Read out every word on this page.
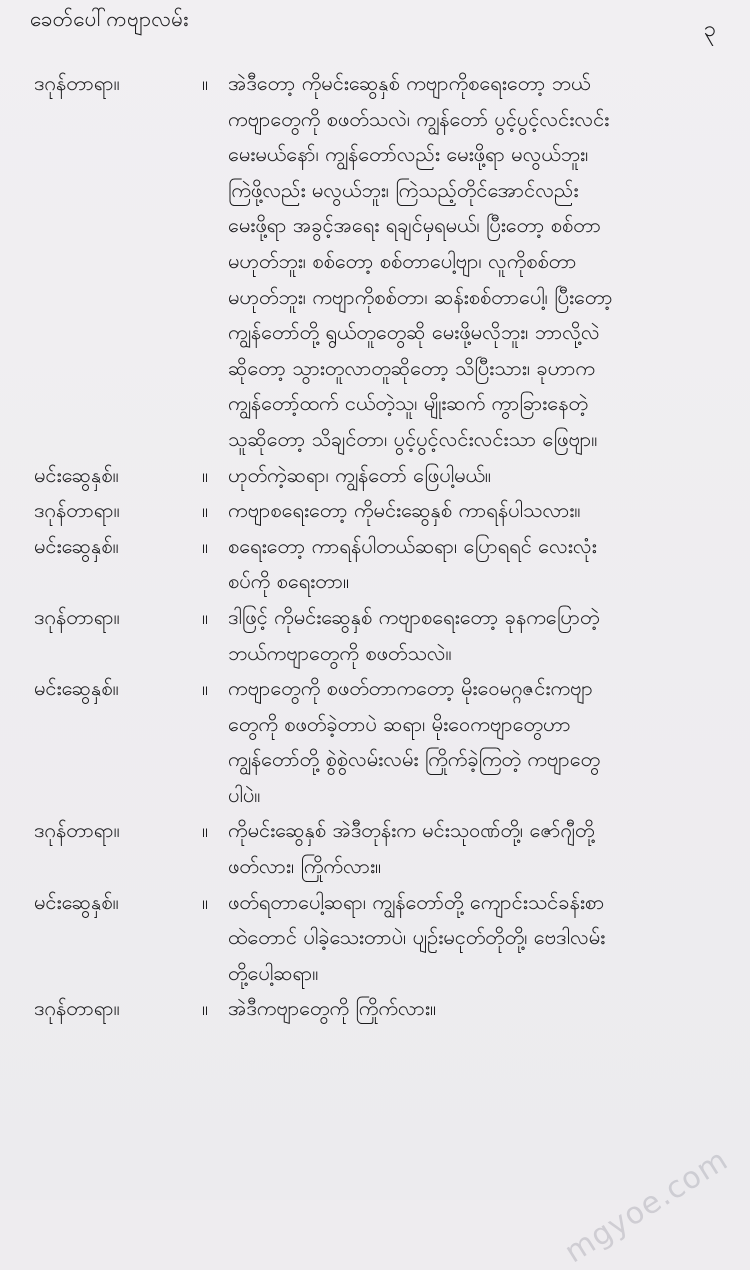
ခေတ်ပေါ်ကဗျာလမ်း	၃
ဒဂုန်တာရာ။	။ အဲဒီတော့ ကိုမင်းဆွေနှစ် ကဗျာကိုစရေးတော့ ဘယ်
ကဗျာတွေကို စဖတ်သလဲ၊ ကျွန်တော် ပွင့်ပွင့်လင်းလင်း
မေးမယ်နော်၊ ကျွန်တော်လည်း မေးဖို့ရာ မလွယ်ဘူး၊
ကြဲဖို့လည်း မလွယ်ဘူး၊ ကြဲသည့်တိုင်အောင်လည်း
မေးဖို့ရာ အခွင့်အရေး ရချင်မှရမယ်၊ ပြီးတော့ စစ်တာ
မဟုတ်ဘူး၊ စစ်တော့ စစ်တာပေါ့ဗျာ၊ လူကိုစစ်တာ
မဟုတ်ဘူး၊ ကဗျာကိုစစ်တာ၊ ဆန်းစစ်တာပေါ့၊ ပြီးတော့
ကျွန်တော်တို့ ရွယ်တူတွေဆို မေးဖို့မလိုဘူး၊ ဘာလို့လဲ
ဆိုတော့ သွားတူလာတူဆိုတော့ သိပြီးသား၊ ခုဟာက
ကျွန်တော့်ထက် ငယ်တဲ့သူ၊ မျိုးဆက် ကွာခြားနေတဲ့
သူဆိုတော့ သိချင်တာ၊ ပွင့်ပွင့်လင်းလင်းသာ ဖြေဗျာ။
မင်းဆွေနှစ်။	။ ဟုတ်ကဲ့ဆရာ၊ ကျွန်တော် ဖြေပါ့မယ်။
ဒဂုန်တာရာ။	။ ကဗျာစရေးတော့ ကိုမင်းဆွေနှစ် ကာရန်ပါသလား။
မင်းဆွေနှစ်။	။ စရေးတော့ ကာရန်ပါတယ်ဆရာ၊ ပြောရရင် လေးလုံး
စပ်ကို စရေးတာ။
ဒဂုန်တာရာ။	။ ဒါဖြင့် ကိုမင်းဆွေနှစ် ကဗျာစရေးတော့ ခုနကပြောတဲ့
ဘယ်ကဗျာတွေကို စဖတ်သလဲ။
မင်းဆွေနှစ်။	။ ကဗျာတွေကို စဖတ်တာကတော့ မိုးဝေမဂ္ဂဇင်းကဗျာ
တွေကို စဖတ်ခဲ့တာပဲ ဆရာ၊ မိုးဝေကဗျာတွေဟာ
ကျွန်တော်တို့ စွဲစွဲလမ်းလမ်း ကြိုက်ခဲ့ကြတဲ့ ကဗျာတွေ
ပါပဲ။
ဒဂုန်တာရာ။	။ ကိုမင်းဆွေနှစ် အဲဒီတုန်းက မင်းသုဝဏ်တို့၊ ဇော်ဂျီတို့
ဖတ်လား၊ ကြိုက်လား။
မင်းဆွေနှစ်။	။ ဖတ်ရတာပေါ့ဆရာ၊ ကျွန်တော်တို့ ကျောင်းသင်ခန်းစာ
ထဲတောင် ပါခဲ့သေးတာပဲ၊ ပျဉ်းမငုတ်တိုတို့၊ ဗေဒါလမ်း
တို့ပေါ့ဆရာ။
ဒဂုန်တာရာ။	။ အဲဒီကဗျာတွေကို ကြိုက်လား။
mgyoe.com
